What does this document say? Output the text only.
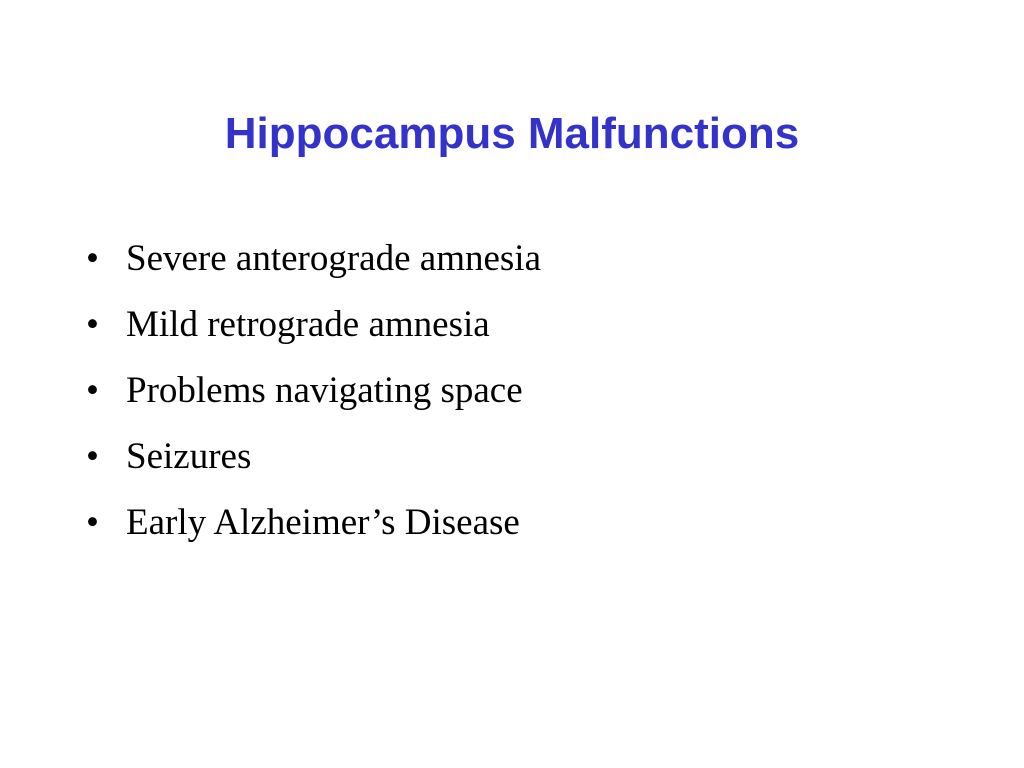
Hippocampus Malfunctions
• Severe anterograde amnesia
• Mild retrograde amnesia
• Problems navigating space
• Seizures
• Early Alzheimer’s Disease
